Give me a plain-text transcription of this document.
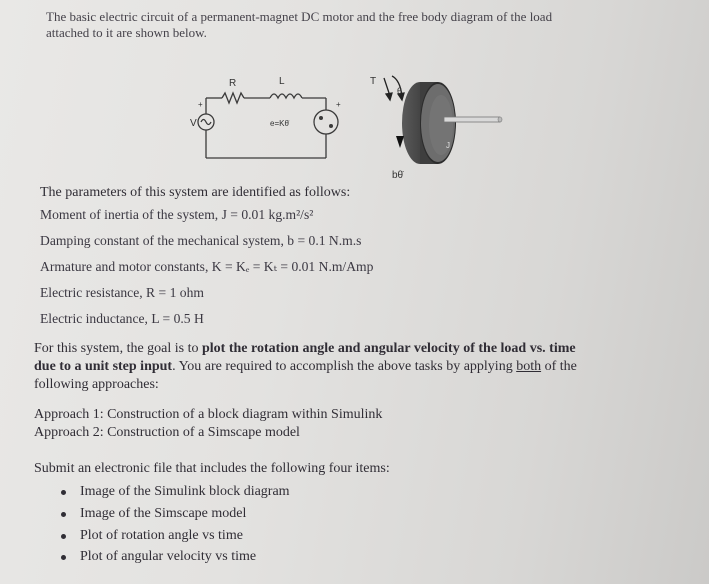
The basic electric circuit of a permanent-magnet DC motor and the free body diagram of the load
attached to it are shown below.
R	L
V	e=Kθ̇
+	+
T
θ
J
bθ̇
The parameters of this system are identified as follows:
Moment of inertia of the system, J = 0.01 kg.m²/s²
Damping constant of the mechanical system, b = 0.1 N.m.s
Armature and motor constants, K = Kₑ = Kₜ = 0.01 N.m/Amp
Electric resistance, R = 1 ohm
Electric inductance, L = 0.5 H
For this system, the goal is to plot the rotation angle and angular velocity of the load vs. time
due to a unit step input. You are required to accomplish the above tasks by applying both of the
following approaches:
Approach 1: Construction of a block diagram within Simulink
Approach 2: Construction of a Simscape model
Submit an electronic file that includes the following four items:
Image of the Simulink block diagram
Image of the Simscape model
Plot of rotation angle vs time
Plot of angular velocity vs time
